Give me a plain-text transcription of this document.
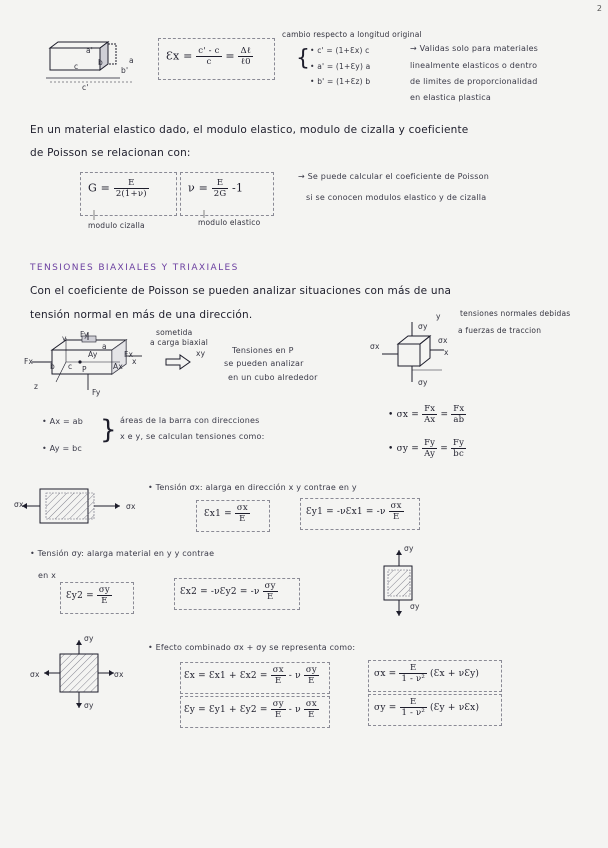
2
a'
a
b'
c
c'
b	Ɛx = $\frac{c' - c}{c} = \frac{\text{Δℓ}}{\text{ℓ0}}$
cambio respecto a longitud original
{ • c' = (1+Ɛx) c
• a' = (1+Ɛy) a
• b' = (1+Ɛz) b
→ Validas solo para materiales
linealmente elasticos o dentro
de limites de proporcionalidad
en elastica plastica
En un material elastico dado, el modulo elastico, modulo de cizalla y coeficiente
de Poisson se relacionan con:
$G = \frac{E}{2(1+\nu)}$	$\nu = \frac{E}{2G} -1$
modulo cizalla	modulo elastico
→ Se puede calcular el coeficiente de Poisson
si se conocen modulos elastico y de cizalla
TENSIONES BIAXIALES Y TRIAXIALES
Con el coeficiente de Poisson se pueden analizar situaciones con más de una
tensión normal en más de una dirección.	tensiones normales debidas
a fuerzas de traccion
Fy
Fx
Fx
Fy
x
y
z
P
Ay
Ax
c
a
b
sometida
a carga biaxial
xy	Tensiones en P
se pueden analizar
en un cubo alrededor
σy
σx
σx
σy
x
y
• Ax = ab
• Ay = bc
} áreas de la barra con direcciones
x e y, se calculan tensiones como:
• $\sigma x = \frac{Fx}{Ax} = \frac{Fx}{ab}$
• $\sigma y = \frac{Fy}{Ay} = \frac{Fy}{bc}$
σx	σx
• Tensión σx: alarga en dirección x y contrae en y
Ɛx1 = $\frac{\sigma x}{E}$	Ɛy1 = -νƐx1 = $-\nu \frac{\sigma x}{E}$
• Tensión σy: alarga material en y y contrae
en x
Ɛy2 = $\frac{\sigma y}{E}$	Ɛx2 = -νƐy2 = $-\nu \frac{\sigma y}{E}$
σy
σy
σy
σx	σx
σy
• Efecto combinado σx + σy se representa como:
Ɛx = Ɛx1 + Ɛx2 = $\frac{\sigma x}{E}$ - ν $\frac{\sigma y}{E}$
Ɛy = Ɛy1 + Ɛy2 = $\frac{\sigma y}{E}$ - ν $\frac{\sigma x}{E}$
$\sigma x = \frac{E}{\text{1 - ν²}}$ (Ɛx + νƐy)
$\sigma y = \frac{E}{\text{1 - ν²}}$ (Ɛy + νƐx)
